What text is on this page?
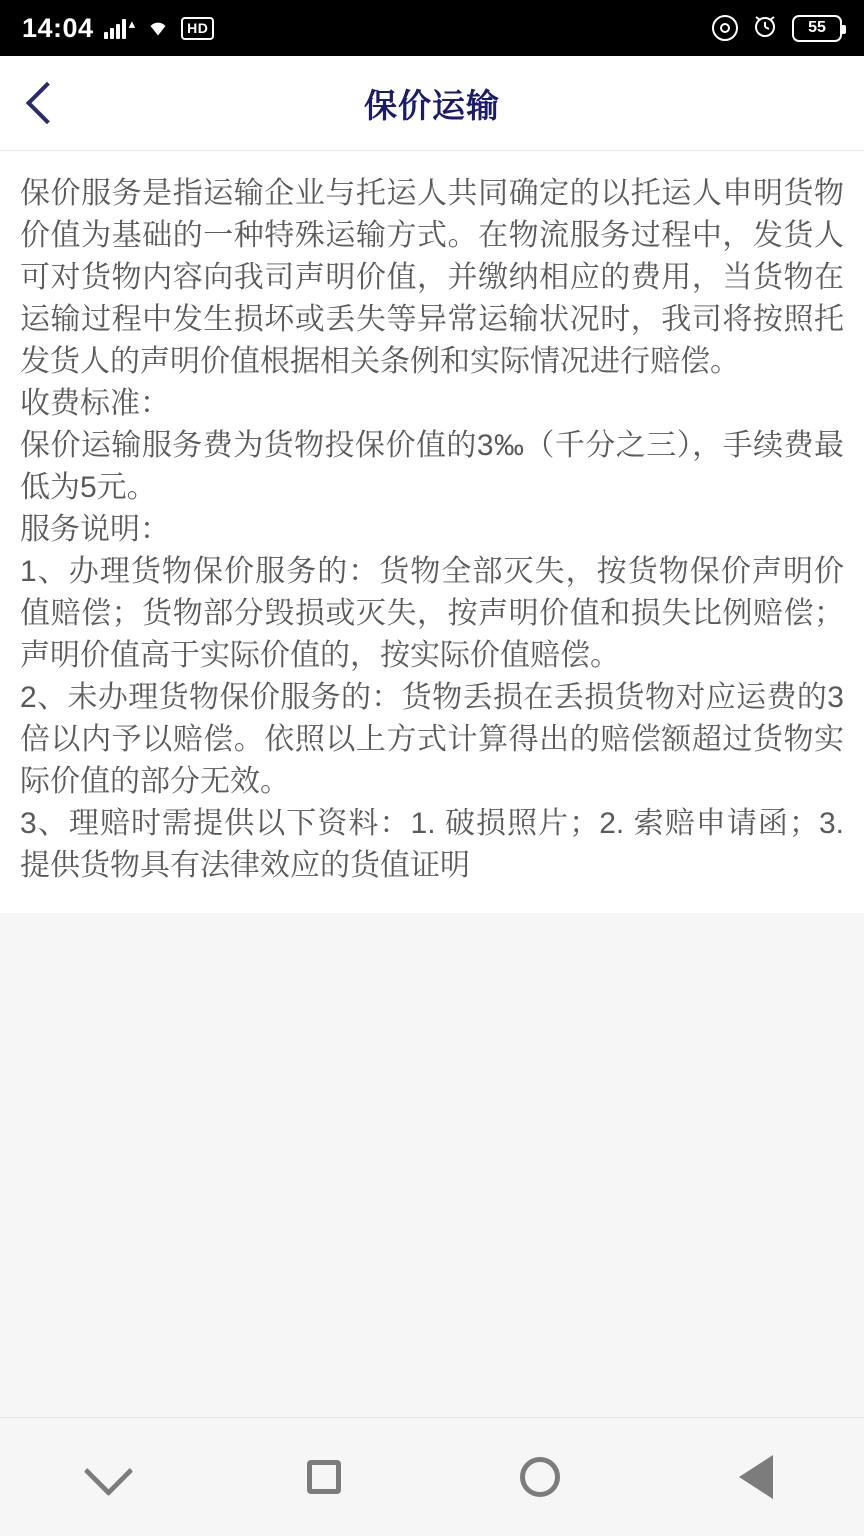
14:04	▴	HD	55
保价运输

保价服务是指运输企业与托运人共同确定的以托运人申明货物价值为基础的一种特殊运输方式。在物流服务过程中，发货人可对货物内容向我司声明价值，并缴纳相应的费用，当货物在运输过程中发生损坏或丢失等异常运输状况时，我司将按照托发货人的声明价值根据相关条例和实际情况进行赔偿。

收费标准：

保价运输服务费为货物投保价值的3‰（千分之三），手续费最低为5元。

服务说明：

1、办理货物保价服务的：货物全部灭失，按货物保价声明价值赔偿；货物部分毁损或灭失，按声明价值和损失比例赔偿；声明价值高于实际价值的，按实际价值赔偿。

2、未办理货物保价服务的：货物丢损在丢损货物对应运费的3倍以内予以赔偿。依照以上方式计算得出的赔偿额超过货物实际价值的部分无效。

3、理赔时需提供以下资料：1. 破损照片；2. 索赔申请函；3. 提供货物具有法律效应的货值证明
